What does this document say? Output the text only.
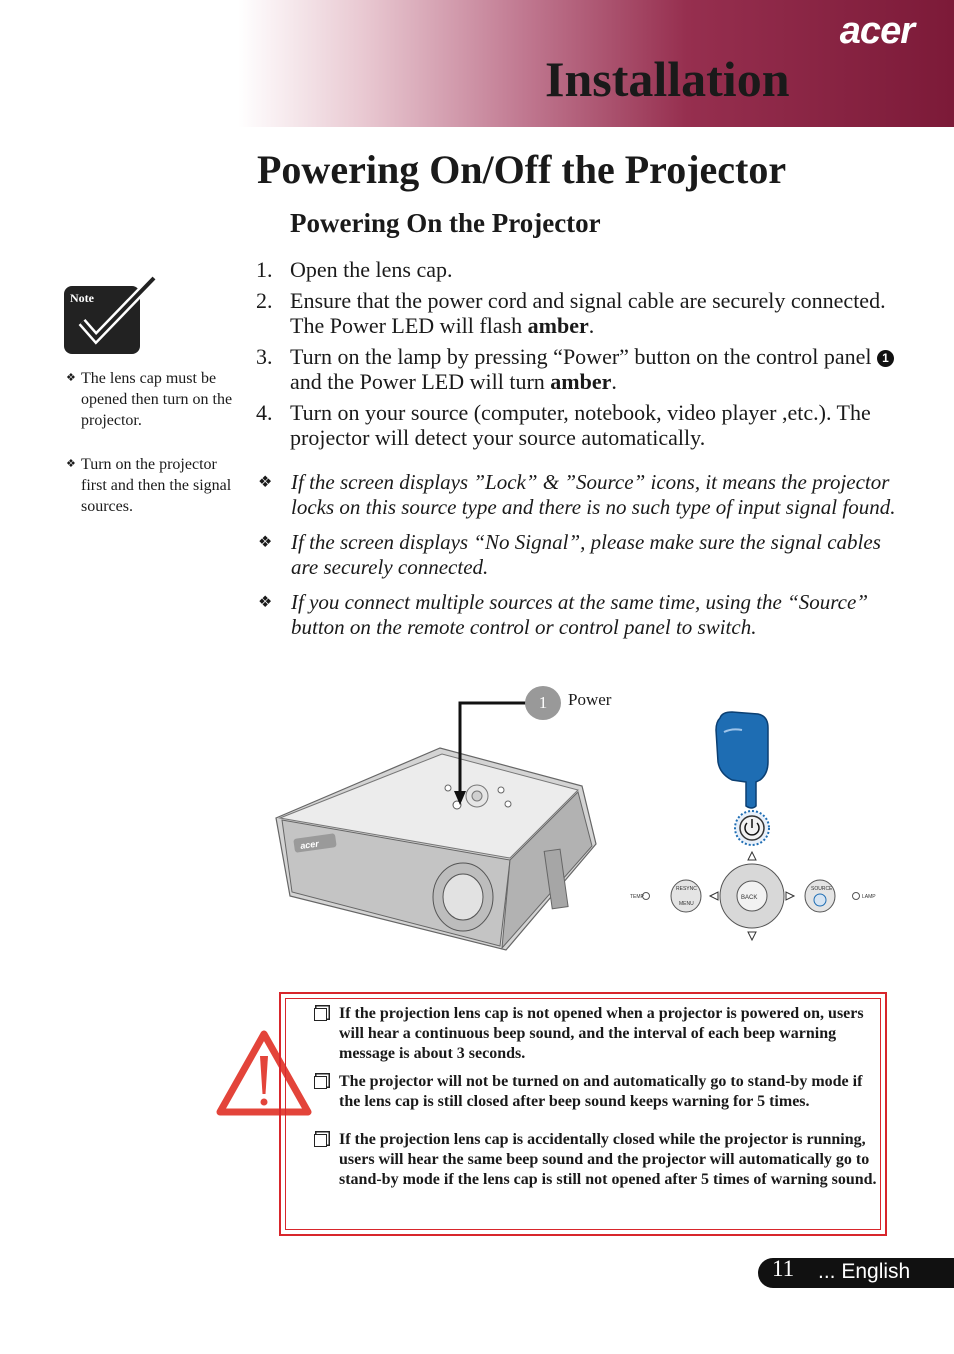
acer
Installation
Powering On/Off the Projector
Powering On the Projector
Note
❖ The lens cap must be opened then turn on the projector.
❖ Turn on the projector first and then the signal sources.
1. Open the lens cap.
2. Ensure that the power cord and signal cable are securely connected. The Power LED will flash amber.
3. Turn on the lamp by pressing “Power” button on the control panel 1 and the Power LED will turn amber.
4. Turn on your source (computer, notebook, video player ,etc.). The projector will detect your source automatically.
❖ If the screen displays ”Lock” & ”Source” icons, it means the projector locks on this source type and there is no such type of input signal found.
❖ If the screen displays “No Signal”, please make sure the signal cables are securely connected.
❖ If you connect multiple sources at the same time, using the “Source” button on the remote control or control panel to switch.
acer
1	Power
BACK
RESYNC
MENU
SOURCE
TEMP	LAMP
If the projection lens cap is not opened when a projector is powered on, users will hear a continuous beep sound, and the interval of each beep warning message is about 3 seconds.
The projector will not be turned on and automatically go to stand-by mode if the lens cap is still closed after beep sound keeps warning for 5 times.
If the projection lens cap is accidentally closed while the projector is running, users will hear the same beep sound and the projector will automatically go to stand-by mode if the lens cap is still not opened after 5 times of warning sound.
11 ... English
